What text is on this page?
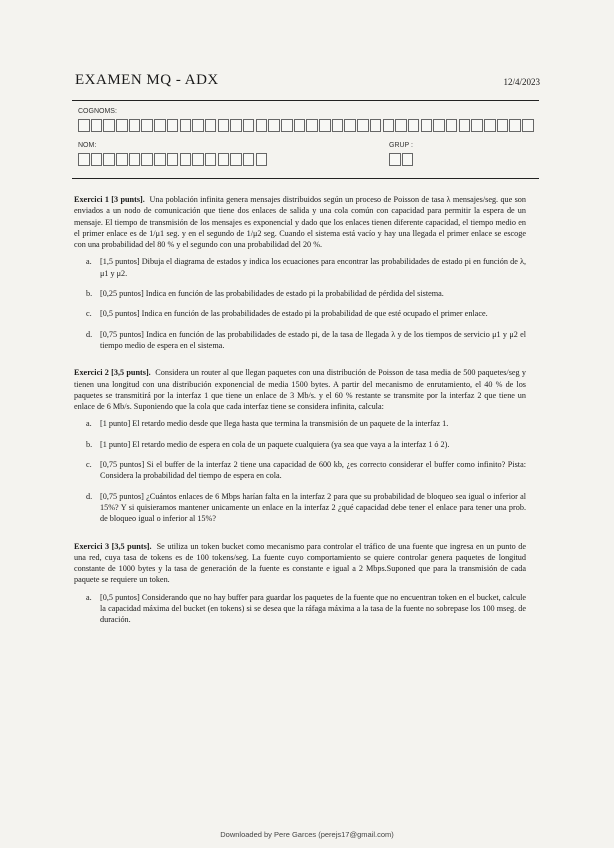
EXAMEN MQ - ADX	12/4/2023
COGNOMS:
NOM:	GRUP :

Exercici 1 [3 punts]. Una población infinita genera mensajes distribuidos según un proceso de Poisson de tasa λ mensajes/seg. que son enviados a un nodo de comunicación que tiene dos enlaces de salida y una cola común con capacidad para permitir la espera de un mensaje. El tiempo de transmisión de los mensajes es exponencial y dado que los enlaces tienen diferente capacidad, el tiempo medio en el primer enlace es de 1/μ1 seg. y en el segundo de 1/μ2 seg. Cuando el sistema está vacío y hay una llegada el primer enlace se escoge con una probabilidad del 80 % y el segundo con una probabilidad del 20 %.

a.	[1,5 puntos] Dibuja el diagrama de estados y indica los ecuaciones para encontrar las probabilidades de estado pi en función de λ, μ1 y μ2.
b. [0,25 puntos] Indica en función de las probabilidades de estado pi la probabilidad de pérdida del sistema.
c.	[0,5 puntos] Indica en función de las probabilidades de estado pi la probabilidad de que esté ocupado el primer enlace.
d. [0,75 puntos] Indica en función de las probabilidades de estado pi, de la tasa de llegada λ y de los tiempos de servicio μ1 y μ2 el tiempo medio de espera en el sistema.

Exercici 2 [3,5 punts]. Considera un router al que llegan paquetes con una distribución de Poisson de tasa media de 500 paquetes/seg y tienen una longitud con una distribución exponencial de media 1500 bytes. A partir del mecanismo de enrutamiento, el 40 % de los paquetes se transmitirá por la interfaz 1 que tiene un enlace de 3 Mb/s. y el 60 % restante se transmite por la interfaz 2 que tiene un enlace de 6 Mb/s. Suponiendo que la cola que cada interfaz tiene se considera infinita, calcula:

a.	[1 punto] El retardo medio desde que llega hasta que termina la transmisión de un paquete de la interfaz 1.
b. [1 punto] El retardo medio de espera en cola de un paquete cualquiera (ya sea que vaya a la interfaz 1 ó 2).
c.	[0,75 puntos] Si el buffer de la interfaz 2 tiene una capacidad de 600 kb, ¿es correcto considerar el buffer como infinito? Pista: Considera la probabilidad del tiempo de espera en cola.
d. [0,75 puntos] ¿Cuántos enlaces de 6 Mbps harían falta en la interfaz 2 para que su probabilidad de bloqueo sea igual o inferior al 15%? Y si quisieramos mantener unicamente un enlace en la interfaz 2 ¿qué capacidad debe tener el enlace para tener una prob. de bloqueo igual o inferior al 15%?

Exercici 3 [3,5 punts]. Se utiliza un token bucket como mecanismo para controlar el tráfico de una fuente que ingresa en un punto de una red, cuya tasa de tokens es de 100 tokens/seg. La fuente cuyo comportamiento se quiere controlar genera paquetes de longitud constante de 1000 bytes y la tasa de generación de la fuente es constante e igual a 2 Mbps.Suponed que para la transmisión de cada paquete se requiere un token.

a.	[0,5 puntos] Considerando que no hay buffer para guardar los paquetes de la fuente que no encuentran token en el bucket, calcule la capacidad máxima del bucket (en tokens) si se desea que la ráfaga máxima a la tasa de la fuente no sobrepase los 100 mseg. de duración.
Downloaded by Pere Garces (perejs17@gmail.com)
